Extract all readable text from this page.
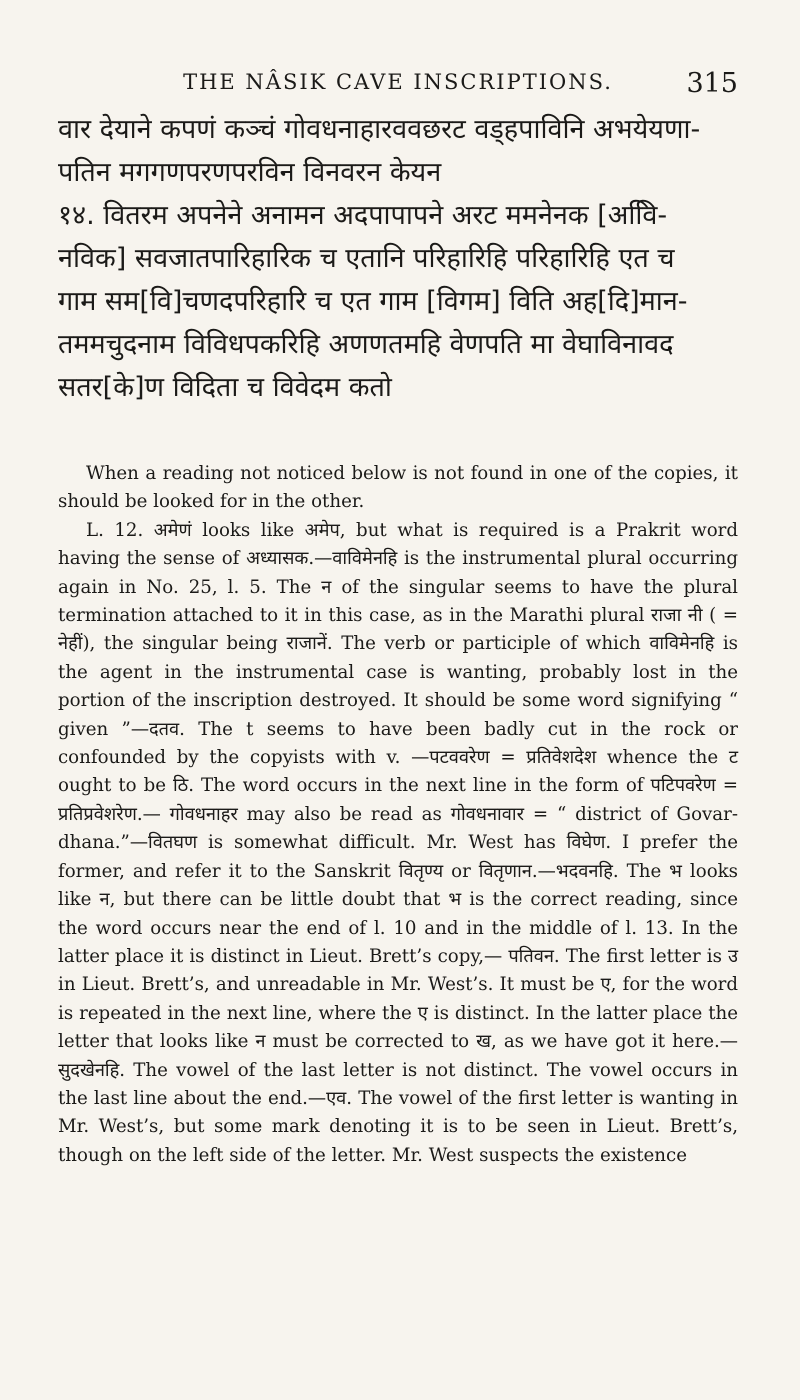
THE NÂSIK CAVE INSCRIPTIONS.	315
वार देयाने कपणं कञ्चं गोवधनाहारववछरट वड्हपाविनि अभयेयणा-
पतिन मगगणपरणपरविन विनवरन केयन
१४. वितरम अपनेने अनामन अदपापापने अरट ममनेनक [अविि-
नविक] सवजातपारिहारिक च एतानि परिहारिहि परिहारिहि एत च
गाम सम[वि]चणदपरिहारि च एत गाम [विगम] विति अह[दि]मान-
तममचुदनाम विविधपकरिहि अणणतमहि वेणपति मा वेघाविनावद
सतर[के]ण विदिता च विवेदम कतो

When a reading not noticed below is not found in one of the copies, it should be looked for in the other.

L. 12. अमेणं looks like अमेप, but what is required is a Prakrit word having the sense of अध्यासक.—वाविमेनहि is the instrumental plural occurring again in No. 25, l. 5. The न of the singular seems to have the plural termination attached to it in this case, as in the Marathi plural राजा नी ( = नेहीं), the singular being राजानें. The verb or participle of which वाविमेनहि is the agent in the instrumental case is wanting, probably lost in the portion of the inscription destroyed. It should be some word signifying “ given ”—दतव. The t seems to have been badly cut in the rock or confounded by the copyists with v. —पटववरेण = प्रतिवेशदेश whence the ट ought to be ठि. The word occurs in the next line in the form of पटिपवरेण = प्रतिप्रवेशरेण.— गोवधनाहर may also be read as गोवधनावार = “ district of Govar-dhana.”—वितघण is somewhat difficult. Mr. West has विघेण. I prefer the former, and refer it to the Sanskrit वितृण्य or वितृणान.—भदवनहि. The भ looks like न, but there can be little doubt that भ is the correct reading, since the word occurs near the end of l. 10 and in the middle of l. 13. In the latter place it is distinct in Lieut. Brett’s copy,— पतिवन. The first letter is उ in Lieut. Brett’s, and unreadable in Mr. West’s. It must be ए, for the word is repeated in the next line, where the ए is distinct. In the latter place the letter that looks like न must be corrected to ख, as we have got it here.—सुदखेनहि. The vowel of the last letter is not distinct. The vowel occurs in the last line about the end.—एव. The vowel of the first letter is wanting in Mr. West’s, but some mark denoting it is to be seen in Lieut. Brett’s, though on the left side of the letter. Mr. West suspects the existence
